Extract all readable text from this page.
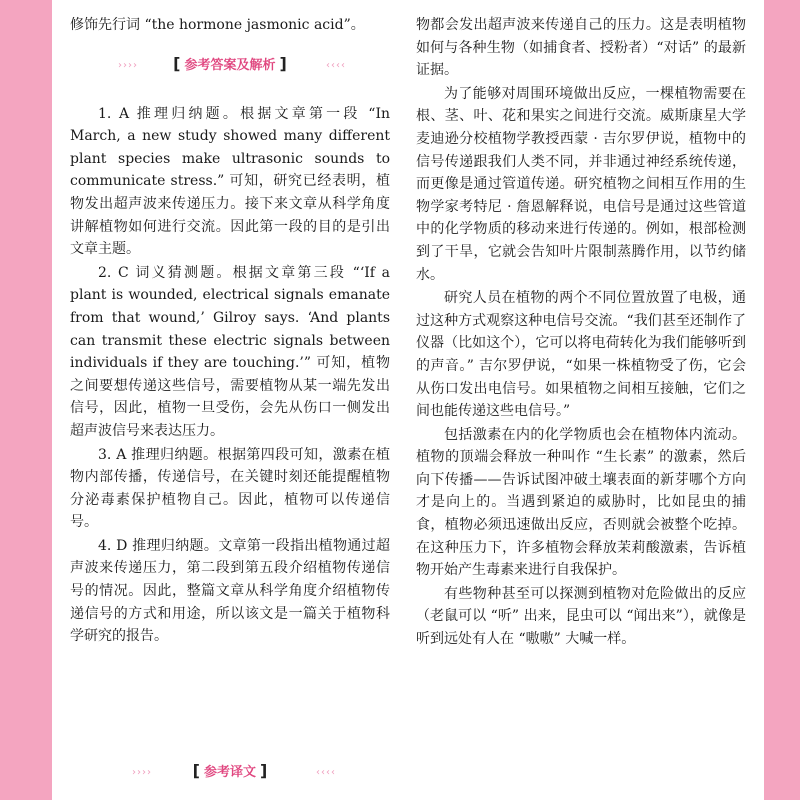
修饰先行词 “the hormone jasmonic acid”。

›››› [ 参考答案及解析 ]	‹‹‹‹

1. A 推理归纳题。根据文章第一段 “In March, a new study showed many different plant species make ultrasonic sounds to communicate stress.” 可知，研究已经表明，植物发出超声波来传递压力。接下来文章从科学角度讲解植物如何进行交流。因此第一段的目的是引出文章主题。

2. C 词义猜测题。根据文章第三段 “‘If a plant is wounded, electrical signals emanate from that wound,’ Gilroy says. ‘And plants can transmit these electric signals between individuals if they are touching.’” 可知，植物之间要想传递这些信号，需要植物从某一端先发出信号，因此，植物一旦受伤，会先从伤口一侧发出超声波信号来表达压力。

3. A 推理归纳题。根据第四段可知，激素在植物内部传播，传递信号，在关键时刻还能提醒植物分泌毒素保护植物自己。因此，植物可以传递信号。

4. D 推理归纳题。文章第一段指出植物通过超声波来传递压力，第二段到第五段介绍植物传递信号的情况。因此，整篇文章从科学角度介绍植物传递信号的方式和用途，所以该文是一篇关于植物科学研究的报告。

››››	[ 参考译文 ]	‹‹‹‹

物都会发出超声波来传递自己的压力。这是表明植物如何与各种生物（如捕食者、授粉者）“对话” 的最新证据。

为了能够对周围环境做出反应，一棵植物需要在根、茎、叶、花和果实之间进行交流。威斯康星大学麦迪逊分校植物学教授西蒙 · 吉尔罗伊说，植物中的信号传递跟我们人类不同，并非通过神经系统传递，而更像是通过管道传递。研究植物之间相互作用的生物学家考特尼 · 詹恩解释说，电信号是通过这些管道中的化学物质的移动来进行传递的。例如，根部检测到了干旱，它就会告知叶片限制蒸腾作用，以节约储水。

研究人员在植物的两个不同位置放置了电极，通过这种方式观察这种电信号交流。“我们甚至还制作了仪器（比如这个），它可以将电荷转化为我们能够听到的声音。” 吉尔罗伊说，“如果一株植物受了伤，它会从伤口发出电信号。如果植物之间相互接触，它们之间也能传递这些电信号。”

包括激素在内的化学物质也会在植物体内流动。植物的顶端会释放一种叫作 “生长素” 的激素，然后向下传播——告诉试图冲破土壤表面的新芽哪个方向才是向上的。当遇到紧迫的威胁时，比如昆虫的捕食，植物必须迅速做出反应，否则就会被整个吃掉。在这种压力下，许多植物会释放茉莉酸激素，告诉植物开始产生毒素来进行自我保护。

有些物种甚至可以探测到植物对危险做出的反应（老鼠可以 “听” 出来，昆虫可以 “闻出来”），就像是听到远处有人在 “嗷嗷” 大喊一样。
